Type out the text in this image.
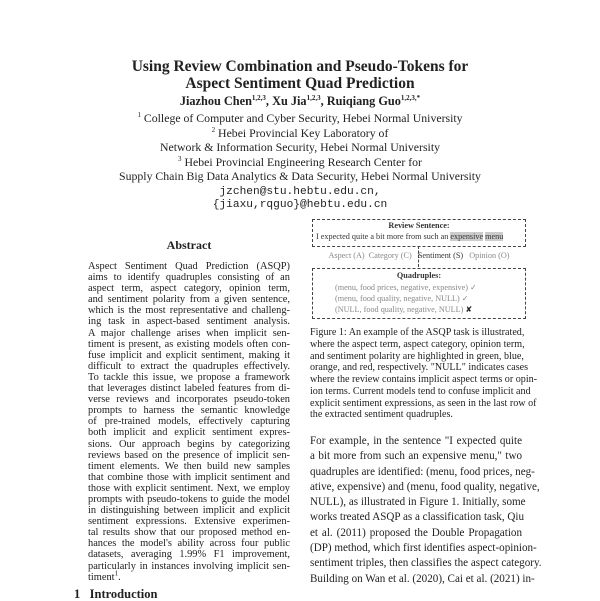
Using Review Combination and Pseudo-Tokens for
Aspect Sentiment Quad Prediction
Jiazhou Chen$^{1,2,3}$, Xu Jia$^{1,2,3}$, Ruiqiang Guo$^{1,2,3,*}$
$^1$ College of Computer and Cyber Security, Hebei Normal University
$^2$ Hebei Provincial Key Laboratory of
Network & Information Security, Hebei Normal University
$^3$ Hebei Provincial Engineering Research Center for
Supply Chain Big Data Analytics & Data Security, Hebei Normal University
jzchen@stu.hebtu.edu.cn,
{jiaxu,rqguo}@hebtu.edu.cn
Abstract
Aspect Sentiment Quad Prediction (ASQP)
aims to identify quadruples consisting of an
aspect term, aspect category, opinion term,
and sentiment polarity from a given sentence,
which is the most representative and challeng-
ing task in aspect-based sentiment analysis.
A major challenge arises when implicit sen-
timent is present, as existing models often con-
fuse implicit and explicit sentiment, making it
difficult to extract the quadruples effectively.
To tackle this issue, we propose a framework
that leverages distinct labeled features from di-
verse reviews and incorporates pseudo-token
prompts to harness the semantic knowledge
of pre-trained models, effectively capturing
both implicit and explicit sentiment expres-
sions. Our approach begins by categorizing
reviews based on the presence of implicit sen-
timent elements. We then build new samples
that combine those with implicit sentiment and
those with explicit sentiment. Next, we employ
prompts with pseudo-tokens to guide the model
in distinguishing between implicit and explicit
sentiment expressions. Extensive experimen-
tal results show that our proposed method en-
hances the model's ability across four public
datasets, averaging 1.99% F1 improvement,
particularly in instances involving implicit sen-
timent$^1$.
1 Introduction
Review Sentence:
I expected quite a bit more from such an expensive menu
Aspect (A) Category (C) Sentiment (S) Opinion (O)
Quadruples:
(menu, food prices, negative, expensive) ✓
(menu, food quality, negative, NULL) ✓
(NULL, food quality, negative, NULL) ✘
Figure 1: An example of the ASQP task is illustrated,
where the aspect term, aspect category, opinion term,
and sentiment polarity are highlighted in green, blue,
orange, and red, respectively. "NULL" indicates cases
where the review contains implicit aspect terms or opin-
ion terms. Current models tend to confuse implicit and
explicit sentiment expressions, as seen in the last row of
the extracted sentiment quadruples.
For example, in the sentence "I expected quite
a bit more from such an expensive menu," two
quadruples are identified: (menu, food prices, neg-
ative, expensive) and (menu, food quality, negative,
NULL), as illustrated in Figure 1. Initially, some
works treated ASQP as a classification task, Qiu
et al. (2011) proposed the Double Propagation
(DP) method, which first identifies aspect-opinion-
sentiment triples, then classifies the aspect category.
Building on Wan et al. (2020), Cai et al. (2021) in-
